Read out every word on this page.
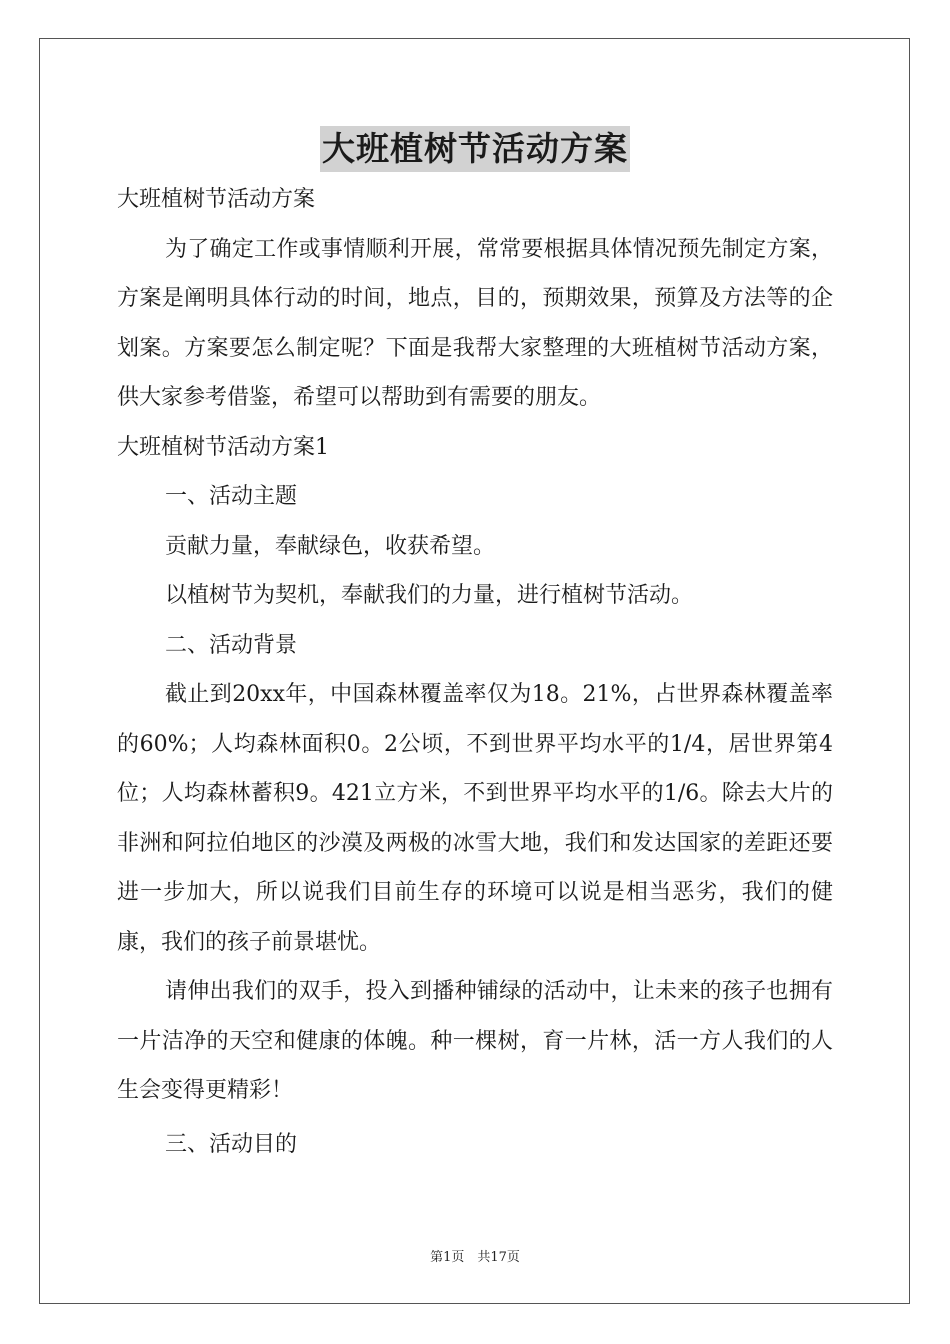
大班植树节活动方案

大班植树节活动方案

为了确定工作或事情顺利开展，常常要根据具体情况预先制定方案，方案是阐明具体行动的时间，地点，目的，预期效果，预算及方法等的企划案。方案要怎么制定呢？下面是我帮大家整理的大班植树节活动方案，供大家参考借鉴，希望可以帮助到有需要的朋友。

大班植树节活动方案1

一、活动主题

贡献力量，奉献绿色，收获希望。

以植树节为契机，奉献我们的力量，进行植树节活动。

二、活动背景

截止到20xx年，中国森林覆盖率仅为18。21%，占世界森林覆盖率的60%；人均森林面积0。2公顷，不到世界平均水平的1/4，居世界第4位；人均森林蓄积9。421立方米，不到世界平均水平的1/6。除去大片的非洲和阿拉伯地区的沙漠及两极的冰雪大地，我们和发达国家的差距还要进一步加大，所以说我们目前生存的环境可以说是相当恶劣，我们的健康，我们的孩子前景堪忧。

请伸出我们的双手，投入到播种铺绿的活动中，让未来的孩子也拥有一片洁净的天空和健康的体魄。种一棵树，育一片林，活一方人我们的人生会变得更精彩！

三、活动目的

第1页　共17页
